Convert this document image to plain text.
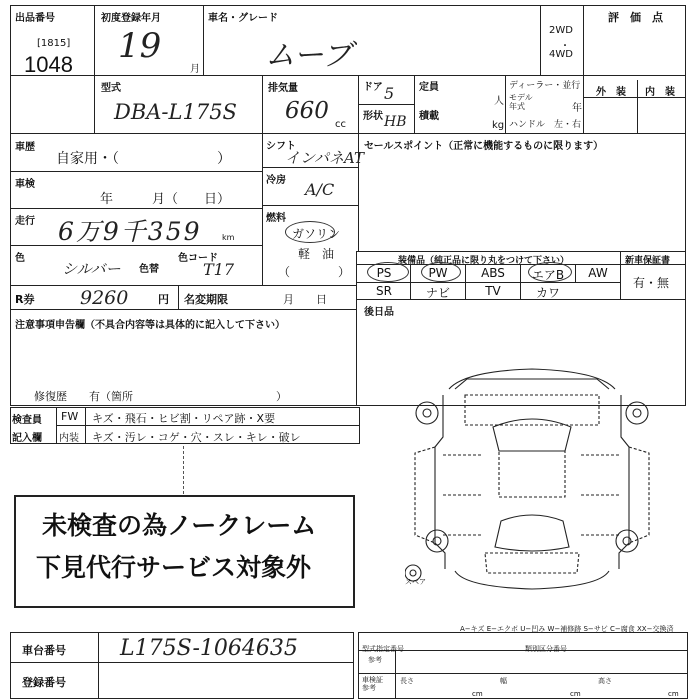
出品番号
[1815]
1048
初度登録年月
19
月
車名・グレード
ムーブ
2WD
・
4WD
評　価　点
型式
DBA-L175S
排気量
660
cc
ドア 5
形状 HB
定員
人
積載
kg
ディーラー・並行
モデル
年式	年
ハンドル　左・右
外　装 内　装
車歴
自家用・（　　　　　　　）
車検
年　　　月（　　日）
走行 6万9千359	km
色
シルバー 色替
色コード
T17
R券 9260	円 名変期限	月　　日
シフト
インパネAT
冷房 A/C
燃料
ガソリン
軽　油
（　　　　）
セールスポイント（正常に機能するものに限ります）
装備品（純正品に限り丸をつけて下さい）	新車保証書
有・無
PS	PW	ABS	エアB	AW
SR	ナビ	TV	カワ
後日品
注意事項申告欄（不具合内容等は具体的に記入して下さい）
修復歴　　有（箇所　　　　　　　　　　　　　）
検査員
記入欄
FW キズ・飛石・ヒビ割・リペア跡・X要
内装 キズ・汚レ・コゲ・穴・スレ・キレ・破レ
未検査の為ノークレーム
下見代行サービス対象外	スペア
A−キズ E−エクボ U−凹み W−補修跡 S−サビ C−腐食 XX−交換済
車台番号 L175S-1064635
登録番号
型式指定番号
参考
類別区分番号
車検証
参考
長さ
cm
幅
cm
高さ
cm
